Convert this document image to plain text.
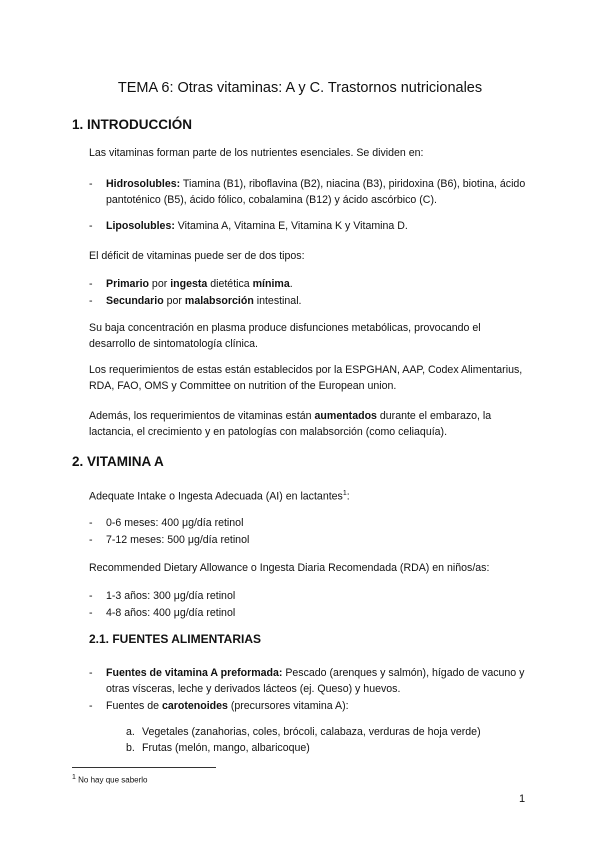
TEMA 6: Otras vitaminas: A y C. Trastornos nutricionales
1. INTRODUCCIÓN

Las vitaminas forman parte de los nutrientes esenciales. Se dividen en:

- Hidrosolubles: Tiamina (B1), riboflavina (B2), niacina (B3), piridoxina (B6), biotina, ácido pantoténico (B5), ácido fólico, cobalamina (B12) y ácido ascórbico (C).
- Liposolubles: Vitamina A, Vitamina E, Vitamina K y Vitamina D.

El déficit de vitaminas puede ser de dos tipos:

- Primario por ingesta dietética mínima.
- Secundario por malabsorción intestinal.

Su baja concentración en plasma produce disfunciones metabólicas, provocando el desarrollo de sintomatología clínica.

Los requerimientos de estas están establecidos por la ESPGHAN, AAP, Codex Alimentarius, RDA, FAO, OMS y Committee on nutrition of the European union.

Además, los requerimientos de vitaminas están aumentados durante el embarazo, la lactancia, el crecimiento y en patologías con malabsorción (como celiaquía).

2. VITAMINA A

Adequate Intake o Ingesta Adecuada (AI) en lactantes$^1$:

- 0-6 meses: 400 μg/día retinol
- 7-12 meses: 500 μg/día retinol

Recommended Dietary Allowance o Ingesta Diaria Recomendada (RDA) en niños/as:

- 1-3 años: 300 μg/día retinol
- 4-8 años: 400 μg/día retinol
2.1. FUENTES ALIMENTARIAS
- Fuentes de vitamina A preformada: Pescado (arenques y salmón), hígado de vacuno y otras vísceras, leche y derivados lácteos (ej. Queso) y huevos.
- Fuentes de carotenoides (precursores vitamina A):
a. Vegetales (zanahorias, coles, brócoli, calabaza, verduras de hoja verde)
b. Frutas (melón, mango, albaricoque)
$^1$ No hay que saberlo
1
